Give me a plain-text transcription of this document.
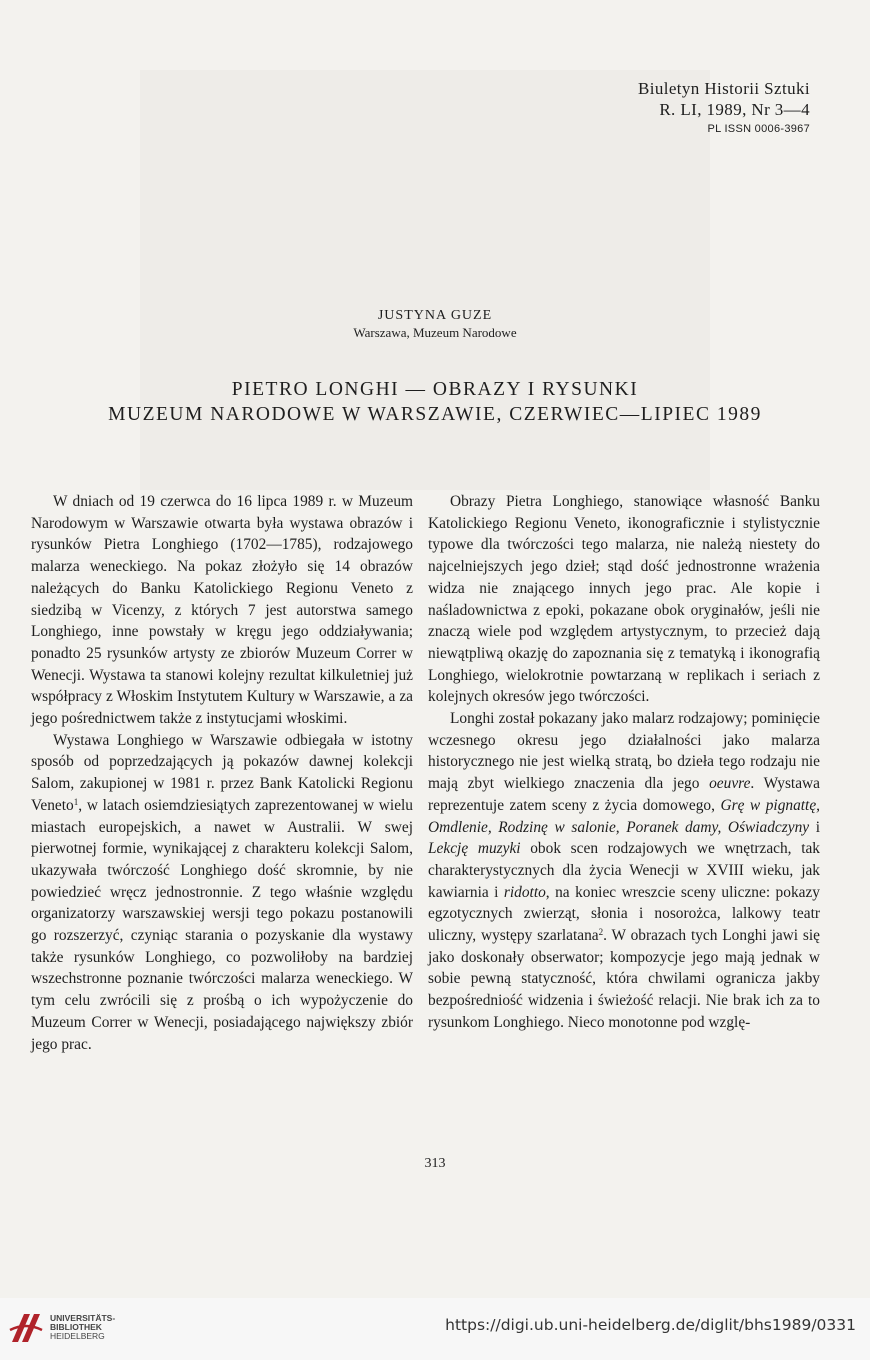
Biuletyn Historii Sztuki
R. LI, 1989, Nr 3—4
PL ISSN 0006-3967
JUSTYNA GUZE
Warszawa, Muzeum Narodowe
PIETRO LONGHI — OBRAZY I RYSUNKI
MUZEUM NARODOWE W WARSZAWIE, CZERWIEC—LIPIEC 1989

W dniach od 19 czerwca do 16 lipca 1989 r. w Muzeum Narodowym w Warszawie otwarta była wystawa obrazów i rysunków Pietra Longhiego (1702—1785), rodzajowego malarza weneckiego. Na pokaz złożyło się 14 obrazów należących do Banku Katolickiego Regionu Veneto z siedzibą w Vicenzy, z których 7 jest autorstwa samego Longhiego, inne powstały w kręgu jego oddziaływania; ponadto 25 rysunków artysty ze zbiorów Muzeum Correr w Wenecji. Wystawa ta stanowi kolejny rezultat kilkuletniej już współpracy z Włoskim Instytutem Kultury w Warszawie, a za jego pośrednictwem także z instytucjami włoskimi.

Wystawa Longhiego w Warszawie odbiegała w istotny sposób od poprzedzających ją pokazów dawnej kolekcji Salom, zakupionej w 1981 r. przez Bank Katolicki Regionu Veneto$^1$, w latach osiemdziesiątych zaprezentowanej w wielu miastach europejskich, a nawet w Australii. W swej pierwotnej formie, wynikającej z charakteru kolekcji Salom, ukazywała twórczość Longhiego dość skromnie, by nie powiedzieć wręcz jednostronnie. Z tego właśnie względu organizatorzy warszawskiej wersji tego pokazu postanowili go rozszerzyć, czyniąc starania o pozyskanie dla wystawy także rysunków Longhiego, co pozwoliłoby na bardziej wszechstronne poznanie twórczości malarza weneckiego. W tym celu zwrócili się z prośbą o ich wypożyczenie do Muzeum Correr w Wenecji, posiadającego największy zbiór jego prac.

Obrazy Pietra Longhiego, stanowiące własność Banku Katolickiego Regionu Veneto, ikonograficznie i stylistycznie typowe dla twórczości tego malarza, nie należą niestety do najcelniejszych jego dzieł; stąd dość jednostronne wrażenia widza nie znającego innych jego prac. Ale kopie i naśladownictwa z epoki, pokazane obok oryginałów, jeśli nie znaczą wiele pod względem artystycznym, to przecież dają niewątpliwą okazję do zapoznania się z tematyką i ikonografią Longhiego, wielokrotnie powtarzaną w replikach i seriach z kolejnych okresów jego twórczości.

Longhi został pokazany jako malarz rodzajowy; pominięcie wczesnego okresu jego działalności jako malarza historycznego nie jest wielką stratą, bo dzieła tego rodzaju nie mają zbyt wielkiego znaczenia dla jego oeuvre. Wystawa reprezentuje zatem sceny z życia domowego, Grę w pignattę, Omdlenie, Rodzinę w salonie, Poranek damy, Oświadczyny i Lekcję muzyki obok scen rodzajowych we wnętrzach, tak charakterystycznych dla życia Wenecji w XVIII wieku, jak kawiarnia i ridotto, na koniec wreszcie sceny uliczne: pokazy egzotycznych zwierząt, słonia i nosorożca, lalkowy teatr uliczny, występy szarlatana$^2$. W obrazach tych Longhi jawi się jako doskonały obserwator; kompozycje jego mają jednak w sobie pewną statyczność, która chwilami ogranicza jakby bezpośredniość widzenia i świeżość relacji. Nie brak ich za to rysunkom Longhiego. Nieco monotonne pod wzglę-

313
UNIVERSITÄTS-
BIBLIOTHEK
HEIDELBERG
https://digi.ub.uni-heidelberg.de/diglit/bhs1989/0331
